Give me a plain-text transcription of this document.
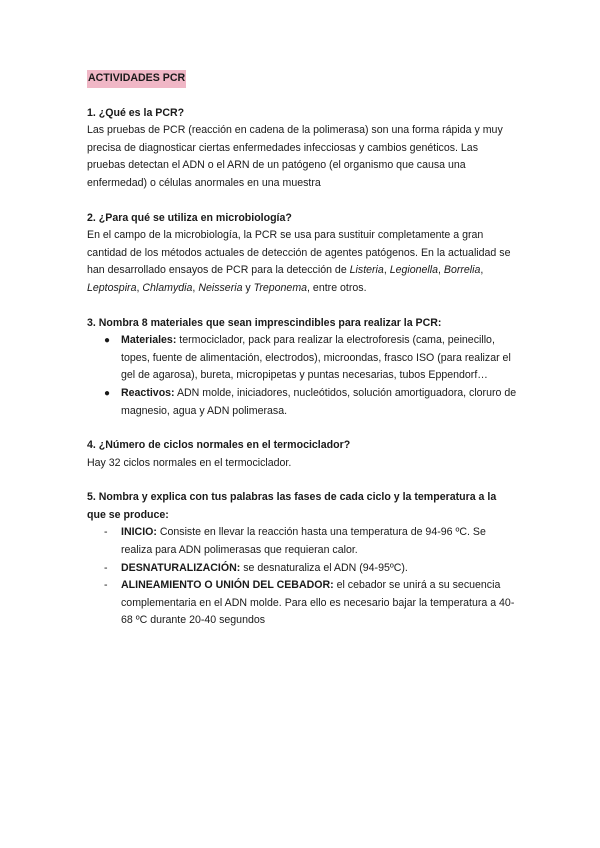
ACTIVIDADES PCR

1. ¿Qué es la PCR?

Las pruebas de PCR (reacción en cadena de la polimerasa) son una forma rápida y muy precisa de diagnosticar ciertas enfermedades infecciosas y cambios genéticos. Las pruebas detectan el ADN o el ARN de un patógeno (el organismo que causa una enfermedad) o células anormales en una muestra

2. ¿Para qué se utiliza en microbiología?

En el campo de la microbiología, la PCR se usa para sustituir completamente a gran cantidad de los métodos actuales de detección de agentes patógenos. En la actualidad se han desarrollado ensayos de PCR para la detección de Listeria, Legionella, Borrelia, Leptospira, Chlamydia, Neisseria y Treponema, entre otros.

3. Nombra 8 materiales que sean imprescindibles para realizar la PCR:

● Materiales: termociclador, pack para realizar la electroforesis (cama, peinecillo, topes, fuente de alimentación, electrodos), microondas, frasco ISO (para realizar el gel de agarosa), bureta, micropipetas y puntas necesarias, tubos Eppendorf…
● Reactivos: ADN molde, iniciadores, nucleótidos, solución amortiguadora, cloruro de magnesio, agua y ADN polimerasa.

4. ¿Número de ciclos normales en el termociclador?

Hay 32 ciclos normales en el termociclador.

5. Nombra y explica con tus palabras las fases de cada ciclo y la temperatura a la que se produce:

- INICIO: Consiste en llevar la reacción hasta una temperatura de 94-96 ºC. Se realiza para ADN polimerasas que requieran calor.
- DESNATURALIZACIÓN: se desnaturaliza el ADN (94-95ºC).
- ALINEAMIENTO O UNIÓN DEL CEBADOR: el cebador se unirá a su secuencia complementaria en el ADN molde. Para ello es necesario bajar la temperatura a 40-68 ºC durante 20-40 segundos
